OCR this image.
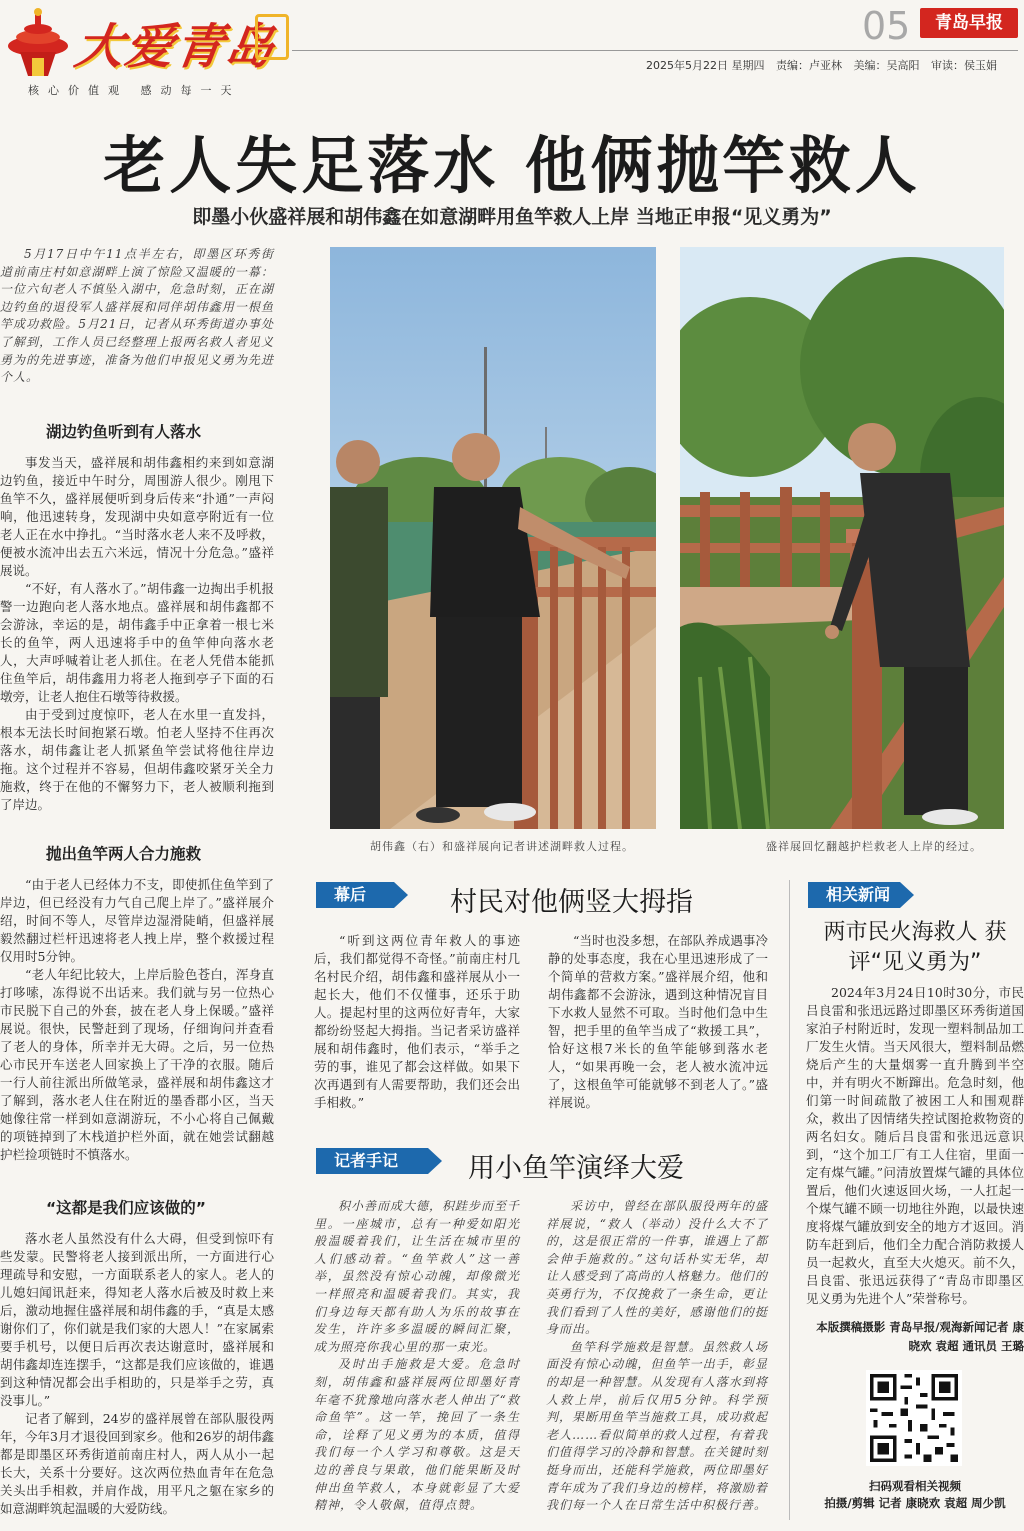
大爱青岛
核心价值观 感动每一天
05	青岛早报
2025年5月22日 星期四 责编：卢亚林 美编：吴高阳 审读：侯玉娟
老人失足落水 他俩抛竿救人
即墨小伙盛祥展和胡伟鑫在如意湖畔用鱼竿救人上岸 当地正申报“见义勇为”

5月17日中午11点半左右，即墨区环秀街道前南庄村如意湖畔上演了惊险又温暖的一幕：一位六旬老人不慎坠入湖中，危急时刻，正在湖边钓鱼的退役军人盛祥展和同伴胡伟鑫用一根鱼竿成功救险。5月21日，记者从环秀街道办事处了解到，工作人员已经整理上报两名救人者见义勇为的先进事迹，准备为他们申报见义勇为先进个人。

湖边钓鱼听到有人落水

事发当天，盛祥展和胡伟鑫相约来到如意湖边钓鱼，接近中午时分，周围游人很少。刚甩下鱼竿不久，盛祥展便听到身后传来“扑通”一声闷响，他迅速转身，发现湖中央如意亭附近有一位老人正在水中挣扎。“当时落水老人来不及呼救，便被水流冲出去五六米远，情况十分危急。”盛祥展说。

“不好，有人落水了。”胡伟鑫一边掏出手机报警一边跑向老人落水地点。盛祥展和胡伟鑫都不会游泳，幸运的是，胡伟鑫手中正拿着一根七米长的鱼竿，两人迅速将手中的鱼竿伸向落水老人，大声呼喊着让老人抓住。在老人凭借本能抓住鱼竿后，胡伟鑫用力将老人拖到亭子下面的石墩旁，让老人抱住石墩等待救援。

由于受到过度惊吓，老人在水里一直发抖，根本无法长时间抱紧石墩。怕老人坚持不住再次落水，胡伟鑫让老人抓紧鱼竿尝试将他往岸边拖。这个过程并不容易，但胡伟鑫咬紧牙关全力施救，终于在他的不懈努力下，老人被顺利拖到了岸边。

抛出鱼竿两人合力施救

“由于老人已经体力不支，即使抓住鱼竿到了岸边，但已经没有力气自己爬上岸了。”盛祥展介绍，时间不等人，尽管岸边湿滑陡峭，但盛祥展毅然翻过栏杆迅速将老人拽上岸，整个救援过程仅用时5分钟。

“老人年纪比较大，上岸后脸色苍白，浑身直打哆嗦，冻得说不出话来。我们就与另一位热心市民脱下自己的外套，披在老人身上保暖。”盛祥展说。很快，民警赶到了现场，仔细询问并查看了老人的身体，所幸并无大碍。之后，另一位热心市民开车送老人回家换上了干净的衣服。随后一行人前往派出所做笔录，盛祥展和胡伟鑫这才了解到，落水老人住在附近的墨香郡小区，当天她像往常一样到如意湖游玩，不小心将自己佩戴的项链掉到了木栈道护栏外面，就在她尝试翻越护栏捡项链时不慎落水。

“这都是我们应该做的”

落水老人虽然没有什么大碍，但受到惊吓有些发蒙。民警将老人接到派出所，一方面进行心理疏导和安慰，一方面联系老人的家人。老人的儿媳妇闻讯赶来，得知老人落水后被及时救上来后，激动地握住盛祥展和胡伟鑫的手，“真是太感谢你们了，你们就是我们家的大恩人！”在家属索要手机号，以便日后再次表达谢意时，盛祥展和胡伟鑫却连连摆手，“这都是我们应该做的，谁遇到这种情况都会出手相助的，只是举手之劳，真没事儿。”

记者了解到，24岁的盛祥展曾在部队服役两年，今年3月才退役回到家乡。他和26岁的胡伟鑫都是即墨区环秀街道前南庄村人，两人从小一起长大，关系十分要好。这次两位热血青年在危急关头出手相救，并肩作战，用平凡之躯在家乡的如意湖畔筑起温暖的大爱防线。

胡伟鑫（右）和盛祥展向记者讲述湖畔救人过程。	盛祥展回忆翻越护栏救老人上岸的经过。
幕后	村民对他俩竖大拇指

“听到这两位青年救人的事迹后，我们都觉得不奇怪。”前南庄村几名村民介绍，胡伟鑫和盛祥展从小一起长大，他们不仅懂事，还乐于助人。提起村里的这两位好青年，大家都纷纷竖起大拇指。当记者采访盛祥展和胡伟鑫时，他们表示，“举手之劳的事，谁见了都会这样做。如果下次再遇到有人需要帮助，我们还会出手相救。”

“当时也没多想，在部队养成遇事冷静的处事态度，我在心里迅速形成了一个简单的营救方案。”盛祥展介绍，他和胡伟鑫都不会游泳，遇到这种情况盲目下水救人显然不可取。当时他们急中生智，把手里的鱼竿当成了“救援工具”，恰好这根7米长的鱼竿能够到落水老人，“如果再晚一会，老人被水流冲远了，这根鱼竿可能就够不到老人了。”盛祥展说。

记者手记	用小鱼竿演绎大爱

积小善而成大德，积跬步而至千里。一座城市，总有一种爱如阳光般温暖着我们，让生活在城市里的人们感动着。“鱼竿救人”这一善举，虽然没有惊心动魄，却像微光一样照亮和温暖着我们。其实，我们身边每天都有助人为乐的故事在发生，许许多多温暖的瞬间汇聚，成为照亮你我心里的那一束光。

及时出手施救是大爱。危急时刻，胡伟鑫和盛祥展两位即墨好青年毫不犹豫地向落水老人伸出了“救命鱼竿”。这一竿，挽回了一条生命，诠释了见义勇为的本质，值得我们每一个人学习和尊敬。这是天边的善良与果敢，他们能果断及时伸出鱼竿救人，本身就彰显了大爱精神，令人敬佩，值得点赞。

采访中，曾经在部队服役两年的盛祥展说，“救人（举动）没什么大不了的，这是很正常的一件事，谁遇上了都会伸手施救的。”这句话朴实无华，却让人感受到了高尚的人格魅力。他们的英勇行为，不仅挽救了一条生命，更让我们看到了人性的美好，感谢他们的挺身而出。

鱼竿科学施救是智慧。虽然救人场面没有惊心动魄，但鱼竿一出手，彰显的却是一种智慧。从发现有人落水到将人救上岸，前后仅用5分钟。科学预判，果断用鱼竿当施救工具，成功救起老人……看似简单的救人过程，有着我们值得学习的冷静和智慧。在关键时刻挺身而出，还能科学施救，两位即墨好青年成为了我们身边的榜样，将激励着我们每一个人在日常生活中积极行善。

相关新闻
两市民火海救人 获评“见义勇为”

2024年3月24日10时30分，市民吕良雷和张迅远路过即墨区环秀街道国家泊子村附近时，发现一塑料制品加工厂发生火情。当天风很大，塑料制品燃烧后产生的大量烟雾一直升腾到半空中，并有明火不断蹿出。危急时刻，他们第一时间疏散了被困工人和围观群众，救出了因情绪失控试图抢救物资的两名妇女。随后吕良雷和张迅远意识到，“这个加工厂有工人住宿，里面一定有煤气罐。”问清放置煤气罐的具体位置后，他们火速返回火场，一人扛起一个煤气罐不顾一切地往外跑，以最快速度将煤气罐放到安全的地方才返回。消防车赶到后，他们全力配合消防救援人员一起救火，直至大火熄灭。前不久，吕良雷、张迅远获得了“青岛市即墨区见义勇为先进个人”荣誉称号。

本版撰稿摄影 青岛早报/观海新闻记者 康晓欢 袁超 通讯员 王璐
扫码观看相关视频
拍摄/剪辑 记者 康晓欢 袁超 周少凯
